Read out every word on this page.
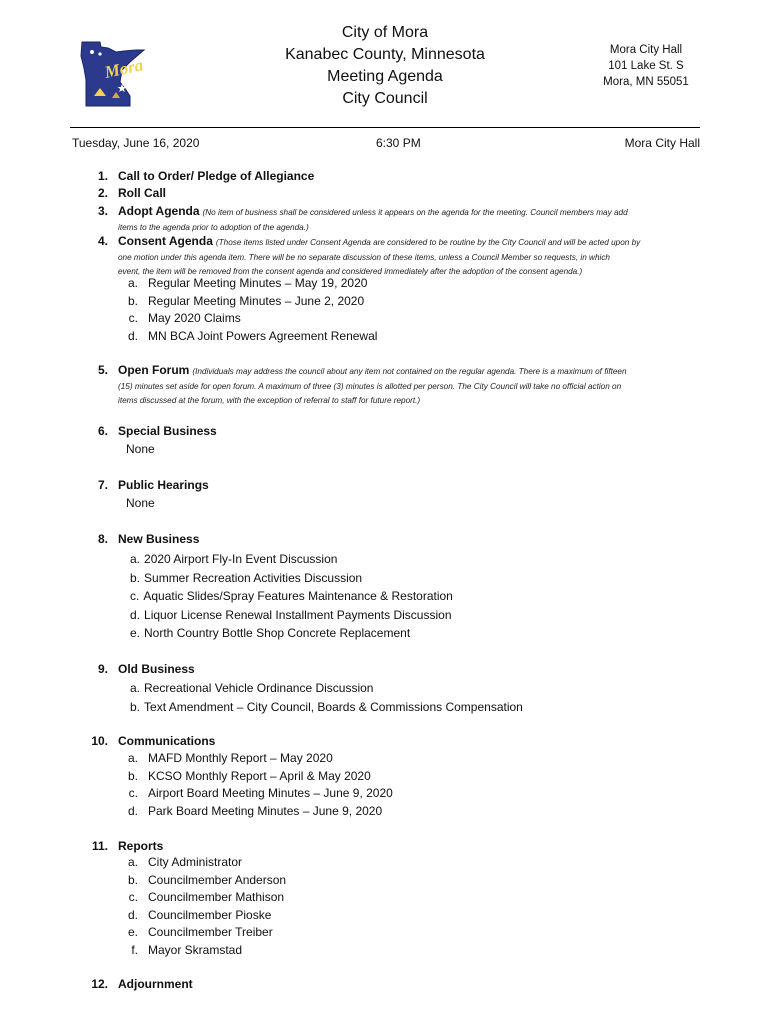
Mora
City of Mora
Kanabec County, Minnesota
Meeting Agenda
City Council
Mora City Hall
101 Lake St. S
Mora, MN 55051
Tuesday, June 16, 2020	6:30 PM	Mora City Hall
1. Call to Order/ Pledge of Allegiance
2. Roll Call
3. Adopt Agenda (No item of business shall be considered unless it appears on the agenda for the meeting. Council members may add
items to the agenda prior to adoption of the agenda.)
4. Consent Agenda (Those items listed under Consent Agenda are considered to be routine by the City Council and will be acted upon by
one motion under this agenda item. There will be no separate discussion of these items, unless a Council Member so requests, in which
event, the item will be removed from the consent agenda and considered immediately after the adoption of the consent agenda.)
a. Regular Meeting Minutes – May 19, 2020
b. Regular Meeting Minutes – June 2, 2020
c. May 2020 Claims
d. MN BCA Joint Powers Agreement Renewal
5. Open Forum (Individuals may address the council about any item not contained on the regular agenda. There is a maximum of fifteen
(15) minutes set aside for open forum. A maximum of three (3) minutes is allotted per person. The City Council will take no official action on
items discussed at the forum, with the exception of referral to staff for future report.)
6. Special Business
None
7. Public Hearings
None
8. New Business
a. 2020 Airport Fly-In Event Discussion
b. Summer Recreation Activities Discussion
c. Aquatic Slides/Spray Features Maintenance & Restoration
d. Liquor License Renewal Installment Payments Discussion
e. North Country Bottle Shop Concrete Replacement
9. Old Business
a. Recreational Vehicle Ordinance Discussion
b. Text Amendment – City Council, Boards & Commissions Compensation
10. Communications
a. MAFD Monthly Report – May 2020
b. KCSO Monthly Report – April & May 2020
c. Airport Board Meeting Minutes – June 9, 2020
d. Park Board Meeting Minutes – June 9, 2020
11. Reports
a. City Administrator
b. Councilmember Anderson
c. Councilmember Mathison
d. Councilmember Pioske
e. Councilmember Treiber
f. Mayor Skramstad
12. Adjournment
